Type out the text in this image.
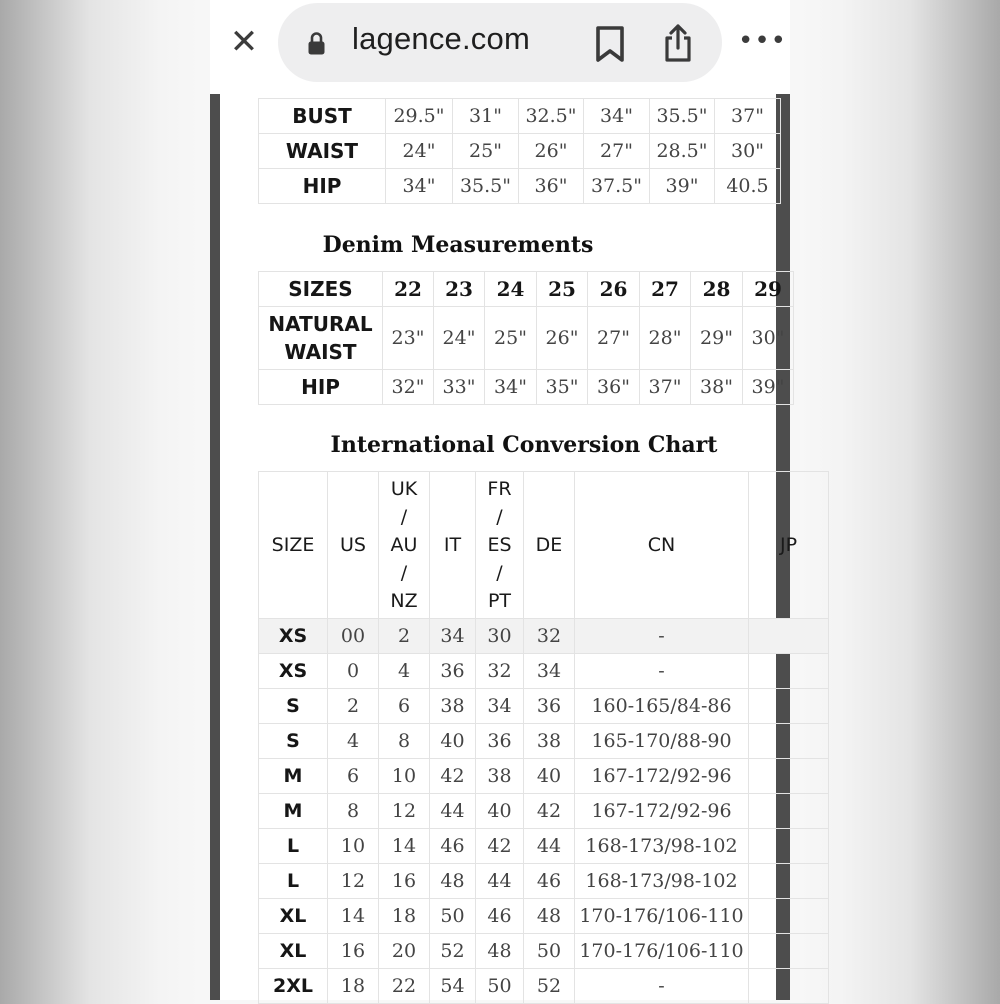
✕	lagence.com	•••
BUST	29.5"	31"	32.5"	34"	35.5"	37"
WAIST	24"	25"	26"	27"	28.5"	30"
HIP	34"	35.5"	36"	37.5"	39"	40.5
Denim Measurements
SIZES	22	23	24	25	26	27	28	29
NATURAL WAIST	23"	24"	25"	26"	27"	28"	29"	30"
HIP	32"	33"	34"	35"	36"	37"	38"	39"
International Conversion Chart
SIZE	US	UK / AU / NZ	IT	FR / ES / PT	DE	CN	JP
XS	00	2	34	30	32	-	
XS	0	4	36	32	34	-	
S	2	6	38	34	36	160-165/84-86	
S	4	8	40	36	38	165-170/88-90	
M	6	10	42	38	40	167-172/92-96	
M	8	12	44	40	42	167-172/92-96	
L	10	14	46	42	44	168-173/98-102	
L	12	16	48	44	46	168-173/98-102	
XL	14	18	50	46	48	170-176/106-110	
XL	16	20	52	48	50	170-176/106-110	
2XL	18	22	54	50	52	-	
